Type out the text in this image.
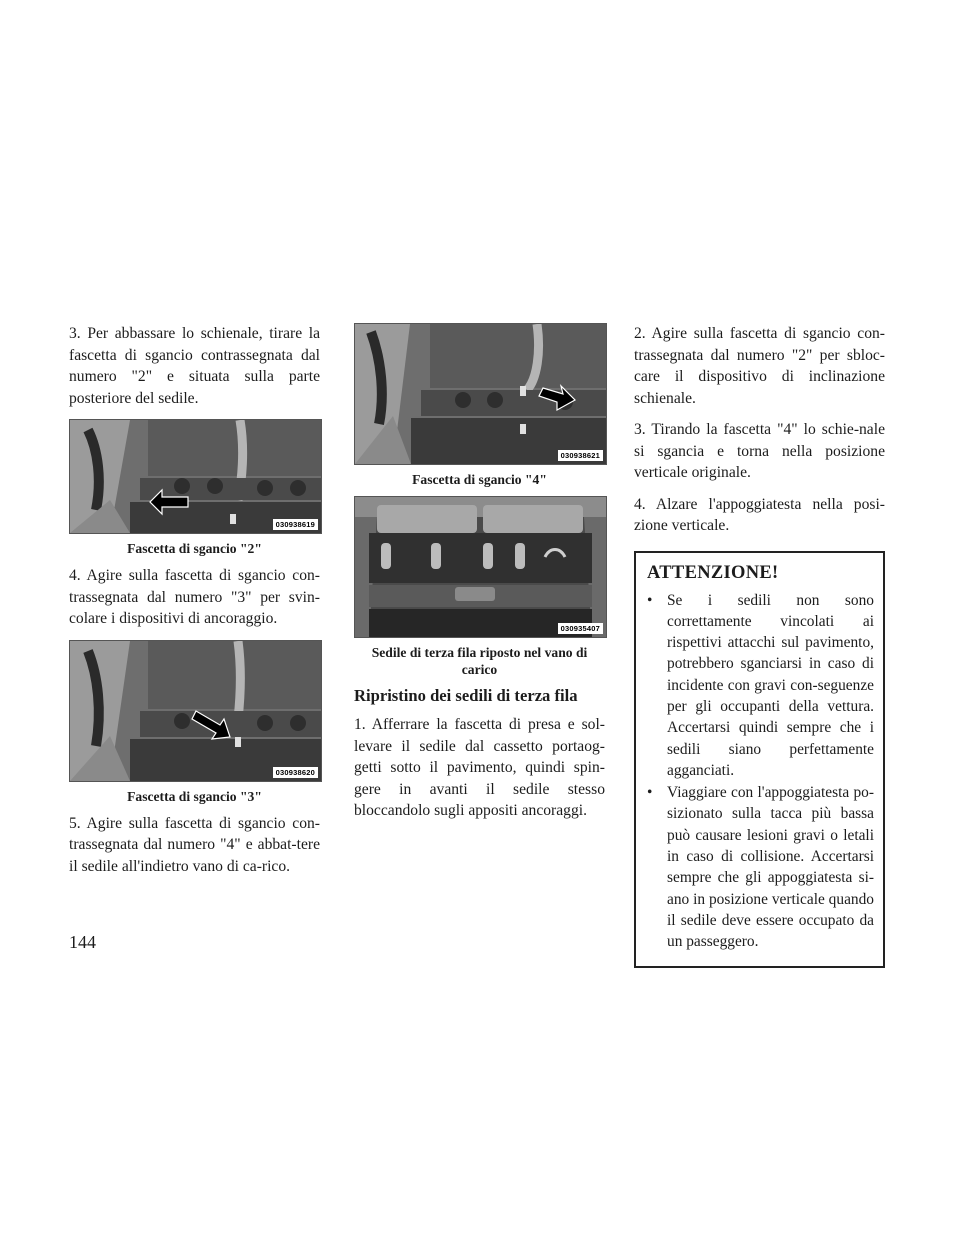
3. Per abbassare lo schienale, tirare la fascetta di sgancio contrassegnata dal numero "2" e situata sulla parte posteriore del sedile.

030938619
Fascetta di sgancio "2"

4. Agire sulla fascetta di sgancio con-trassegnata dal numero "3" per svin-colare i dispositivi di ancoraggio.

030938620
Fascetta di sgancio "3"

5. Agire sulla fascetta di sgancio con-trassegnata dal numero "4" e abbat-tere il sedile all'indietro vano di ca-rico.

030938621
Fascetta di sgancio "4"
030935407
Sedile di terza fila riposto nel vano di carico
Ripristino dei sedili di terza fila

1. Afferrare la fascetta di presa e sol-levare il sedile dal cassetto portaog-getti sotto il pavimento, quindi spin-gere in avanti il sedile stesso bloccandolo sugli appositi ancoraggi.

2. Agire sulla fascetta di sgancio con-trassegnata dal numero "2" per sbloc-care il dispositivo di inclinazione schienale.

3. Tirando la fascetta "4" lo schie-nale si sgancia e torna nella posizione verticale originale.

4. Alzare l'appoggiatesta nella posi-zione verticale.

ATTENZIONE!
• Se i sedili non sono correttamente vincolati ai rispettivi attacchi sul pavimento, potrebbero sganciarsi in caso di incidente con gravi con-seguenze per gli occupanti della vettura. Accertarsi quindi sempre che i sedili siano perfettamente agganciati.
• Viaggiare con l'appoggiatesta po-sizionato sulla tacca più bassa può causare lesioni gravi o letali in caso di collisione. Accertarsi sempre che gli appoggiatesta si-ano in posizione verticale quando il sedile deve essere occupato da un passeggero.
144
